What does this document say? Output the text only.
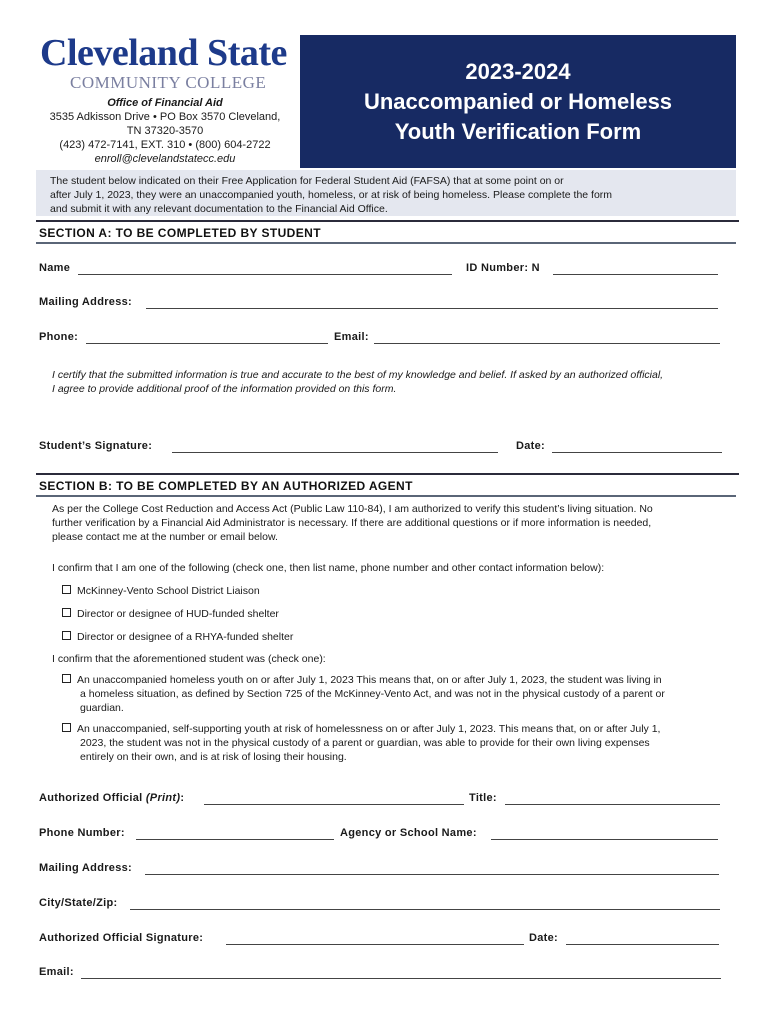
Cleveland State
COMMUNITY COLLEGE
Office of Financial Aid
3535 Adkisson Drive • PO Box 3570 Cleveland,
TN 37320-3570
(423) 472-7141, EXT. 310 • (800) 604-2722
enroll@clevelandstatecc.edu
2023-2024
Unaccompanied or Homeless
Youth Verification Form
The student below indicated on their Free Application for Federal Student Aid (FAFSA) that at some point on or
after July 1, 2023, they were an unaccompanied youth, homeless, or at risk of being homeless. Please complete the form
and submit it with any relevant documentation to the Financial Aid Office.
SECTION A: TO BE COMPLETED BY STUDENT
Name	ID Number: N
Mailing Address:
Phone:	Email:
I certify that the submitted information is true and accurate to the best of my knowledge and belief. If asked by an authorized official,
I agree to provide additional proof of the information provided on this form.
Student’s Signature:	Date:
SECTION B: TO BE COMPLETED BY AN AUTHORIZED AGENT
As per the College Cost Reduction and Access Act (Public Law 110-84), I am authorized to verify this student’s living situation. No
further verification by a Financial Aid Administrator is necessary. If there are additional questions or if more information is needed,
please contact me at the number or email below.
I confirm that I am one of the following (check one, then list name, phone number and other contact information below):
McKinney-Vento School District Liaison
Director or designee of HUD-funded shelter
Director or designee of a RHYA-funded shelter
I confirm that the aforementioned student was (check one):
An unaccompanied homeless youth on or after July 1, 2023 This means that, on or after July 1, 2023, the student was living in
a homeless situation, as defined by Section 725 of the McKinney-Vento Act, and was not in the physical custody of a parent or
guardian.
An unaccompanied, self-supporting youth at risk of homelessness on or after July 1, 2023. This means that, on or after July 1,
2023, the student was not in the physical custody of a parent or guardian, was able to provide for their own living expenses
entirely on their own, and is at risk of losing their housing.
Authorized Official (Print):	Title:
Phone Number:	Agency or School Name:
Mailing Address:
City/State/Zip:
Authorized Official Signature:	Date:
Email:
